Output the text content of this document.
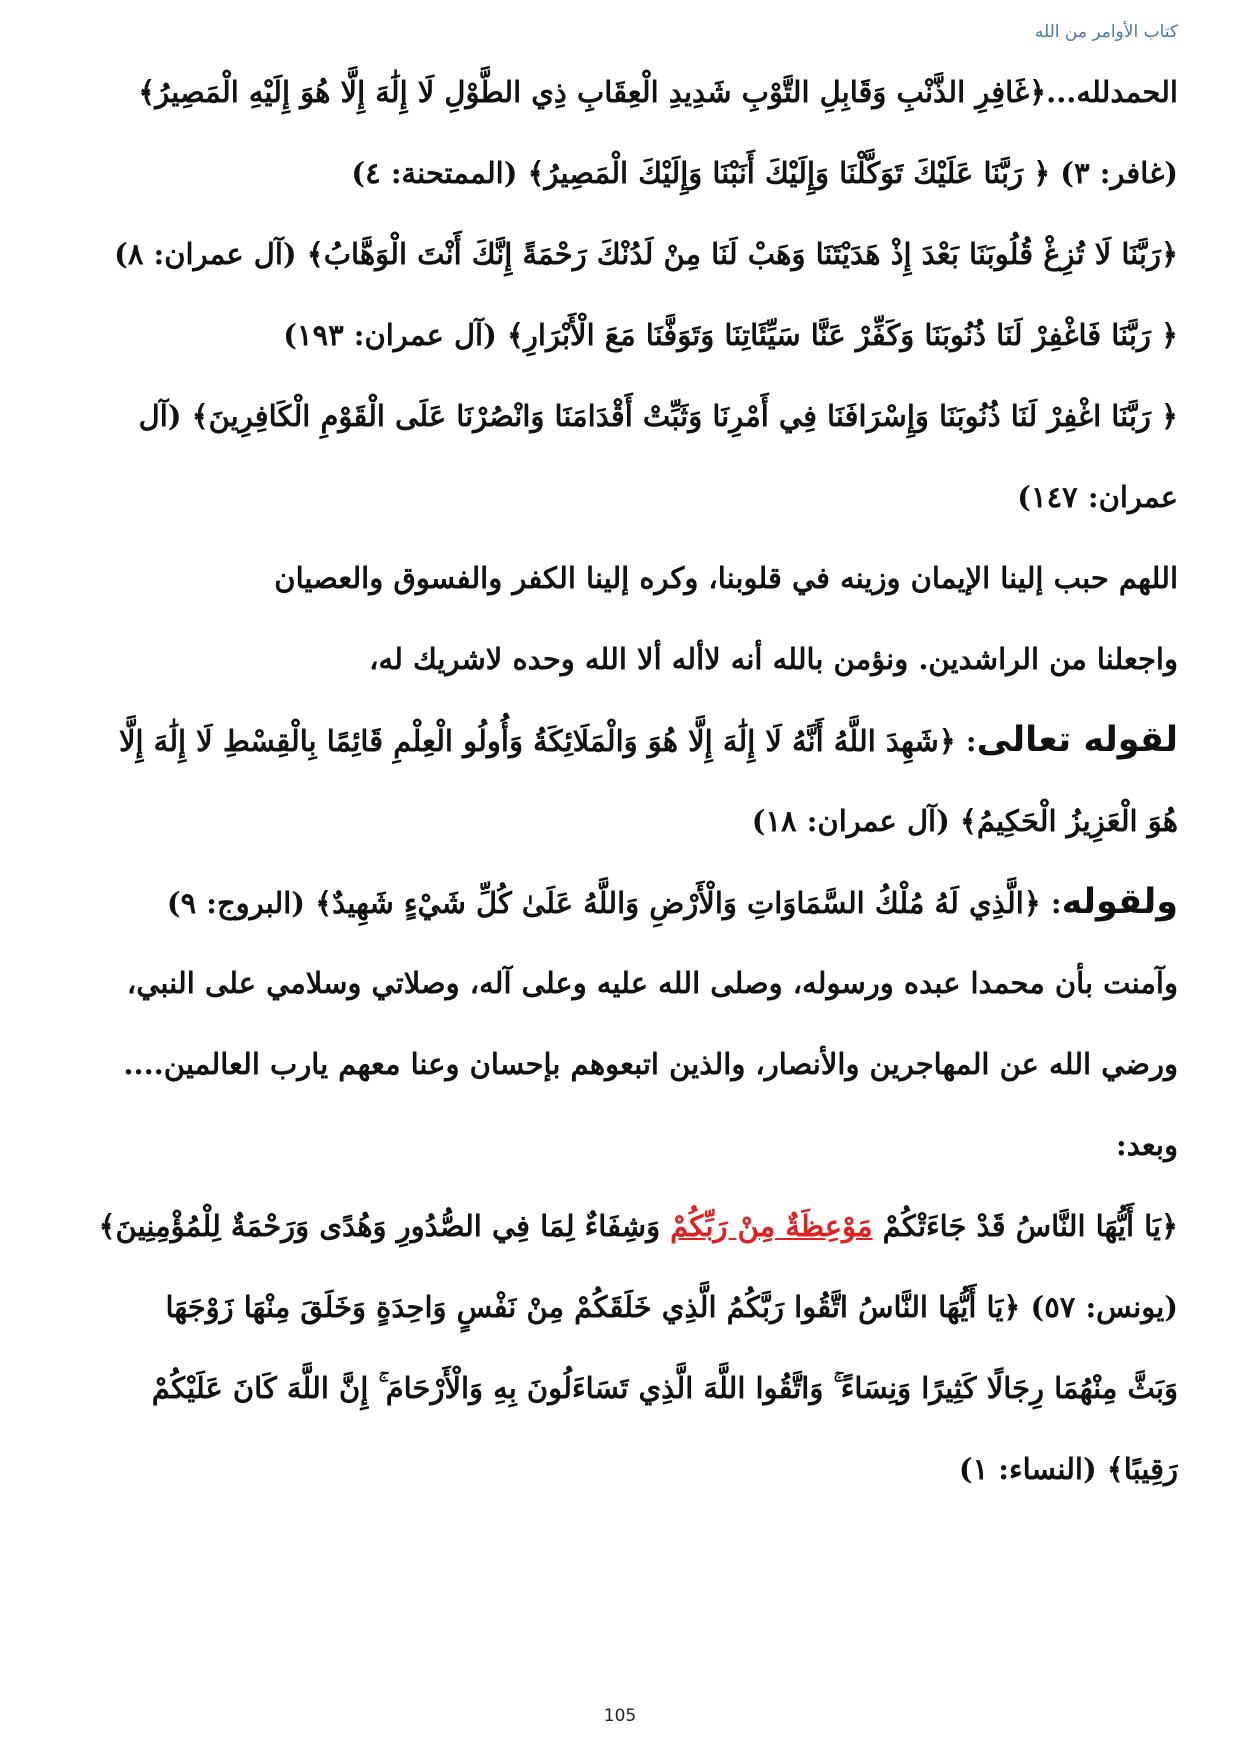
كتاب الأوامر من الله
الحمدلله...﴿غَافِرِ الذَّنْبِ وَقَابِلِ التَّوْبِ شَدِيدِ الْعِقَابِ ذِي الطَّوْلِ لَا إِلَٰهَ إِلَّا هُوَ إِلَيْهِ الْمَصِيرُ﴾
(غافر: ٣) ﴿ رَبَّنَا عَلَيْكَ تَوَكَّلْنَا وَإِلَيْكَ أَنَبْنَا وَإِلَيْكَ الْمَصِيرُ﴾ (الممتحنة: ٤)
﴿رَبَّنَا لَا تُزِغْ قُلُوبَنَا بَعْدَ إِذْ هَدَيْتَنَا وَهَبْ لَنَا مِنْ لَدُنْكَ رَحْمَةً إِنَّكَ أَنْتَ الْوَهَّابُ﴾ (آل عمران: ٨)
﴿ رَبَّنَا فَاغْفِرْ لَنَا ذُنُوبَنَا وَكَفِّرْ عَنَّا سَيِّئَاتِنَا وَتَوَفَّنَا مَعَ الْأَبْرَارِ﴾ (آل عمران: ١٩٣)
﴿ رَبَّنَا اغْفِرْ لَنَا ذُنُوبَنَا وَإِسْرَافَنَا فِي أَمْرِنَا وَثَبِّتْ أَقْدَامَنَا وَانْصُرْنَا عَلَى الْقَوْمِ الْكَافِرِينَ﴾ (آل
عمران: ١٤٧)
اللهم حبب إلينا الإيمان وزينه في قلوبنا، وكره إلينا الكفر والفسوق والعصيان
واجعلنا من الراشدين. ونؤمن بالله أنه لاأله ألا الله وحده لاشريك له،
لقوله تعالى: ﴿شَهِدَ اللَّهُ أَنَّهُ لَا إِلَٰهَ إِلَّا هُوَ وَالْمَلَائِكَةُ وَأُولُو الْعِلْمِ قَائِمًا بِالْقِسْطِ لَا إِلَٰهَ إِلَّا
هُوَ الْعَزِيزُ الْحَكِيمُ﴾ (آل عمران: ١٨)
ولقوله: ﴿الَّذِي لَهُ مُلْكُ السَّمَاوَاتِ وَالْأَرْضِ وَاللَّهُ عَلَىٰ كُلِّ شَيْءٍ شَهِيدٌ﴾ (البروج: ٩)
وآمنت بأن محمدا عبده ورسوله، وصلى الله عليه وعلى آله، وصلاتي وسلامي على النبي،
ورضي الله عن المهاجرين والأنصار، والذين اتبعوهم بإحسان وعنا معهم يارب العالمين....
وبعد:
﴿يَا أَيُّهَا النَّاسُ قَدْ جَاءَتْكُمْ مَوْعِظَةٌ مِنْ رَبِّكُمْ وَشِفَاءٌ لِمَا فِي الصُّدُورِ وَهُدًى وَرَحْمَةٌ لِلْمُؤْمِنِينَ﴾
(يونس: ٥٧) ﴿يَا أَيُّهَا النَّاسُ اتَّقُوا رَبَّكُمُ الَّذِي خَلَقَكُمْ مِنْ نَفْسٍ وَاحِدَةٍ وَخَلَقَ مِنْهَا زَوْجَهَا
وَبَثَّ مِنْهُمَا رِجَالًا كَثِيرًا وَنِسَاءً ۚ وَاتَّقُوا اللَّهَ الَّذِي تَسَاءَلُونَ بِهِ وَالْأَرْحَامَ ۚ إِنَّ اللَّهَ كَانَ عَلَيْكُمْ
رَقِيبًا﴾ (النساء: ١)
105
